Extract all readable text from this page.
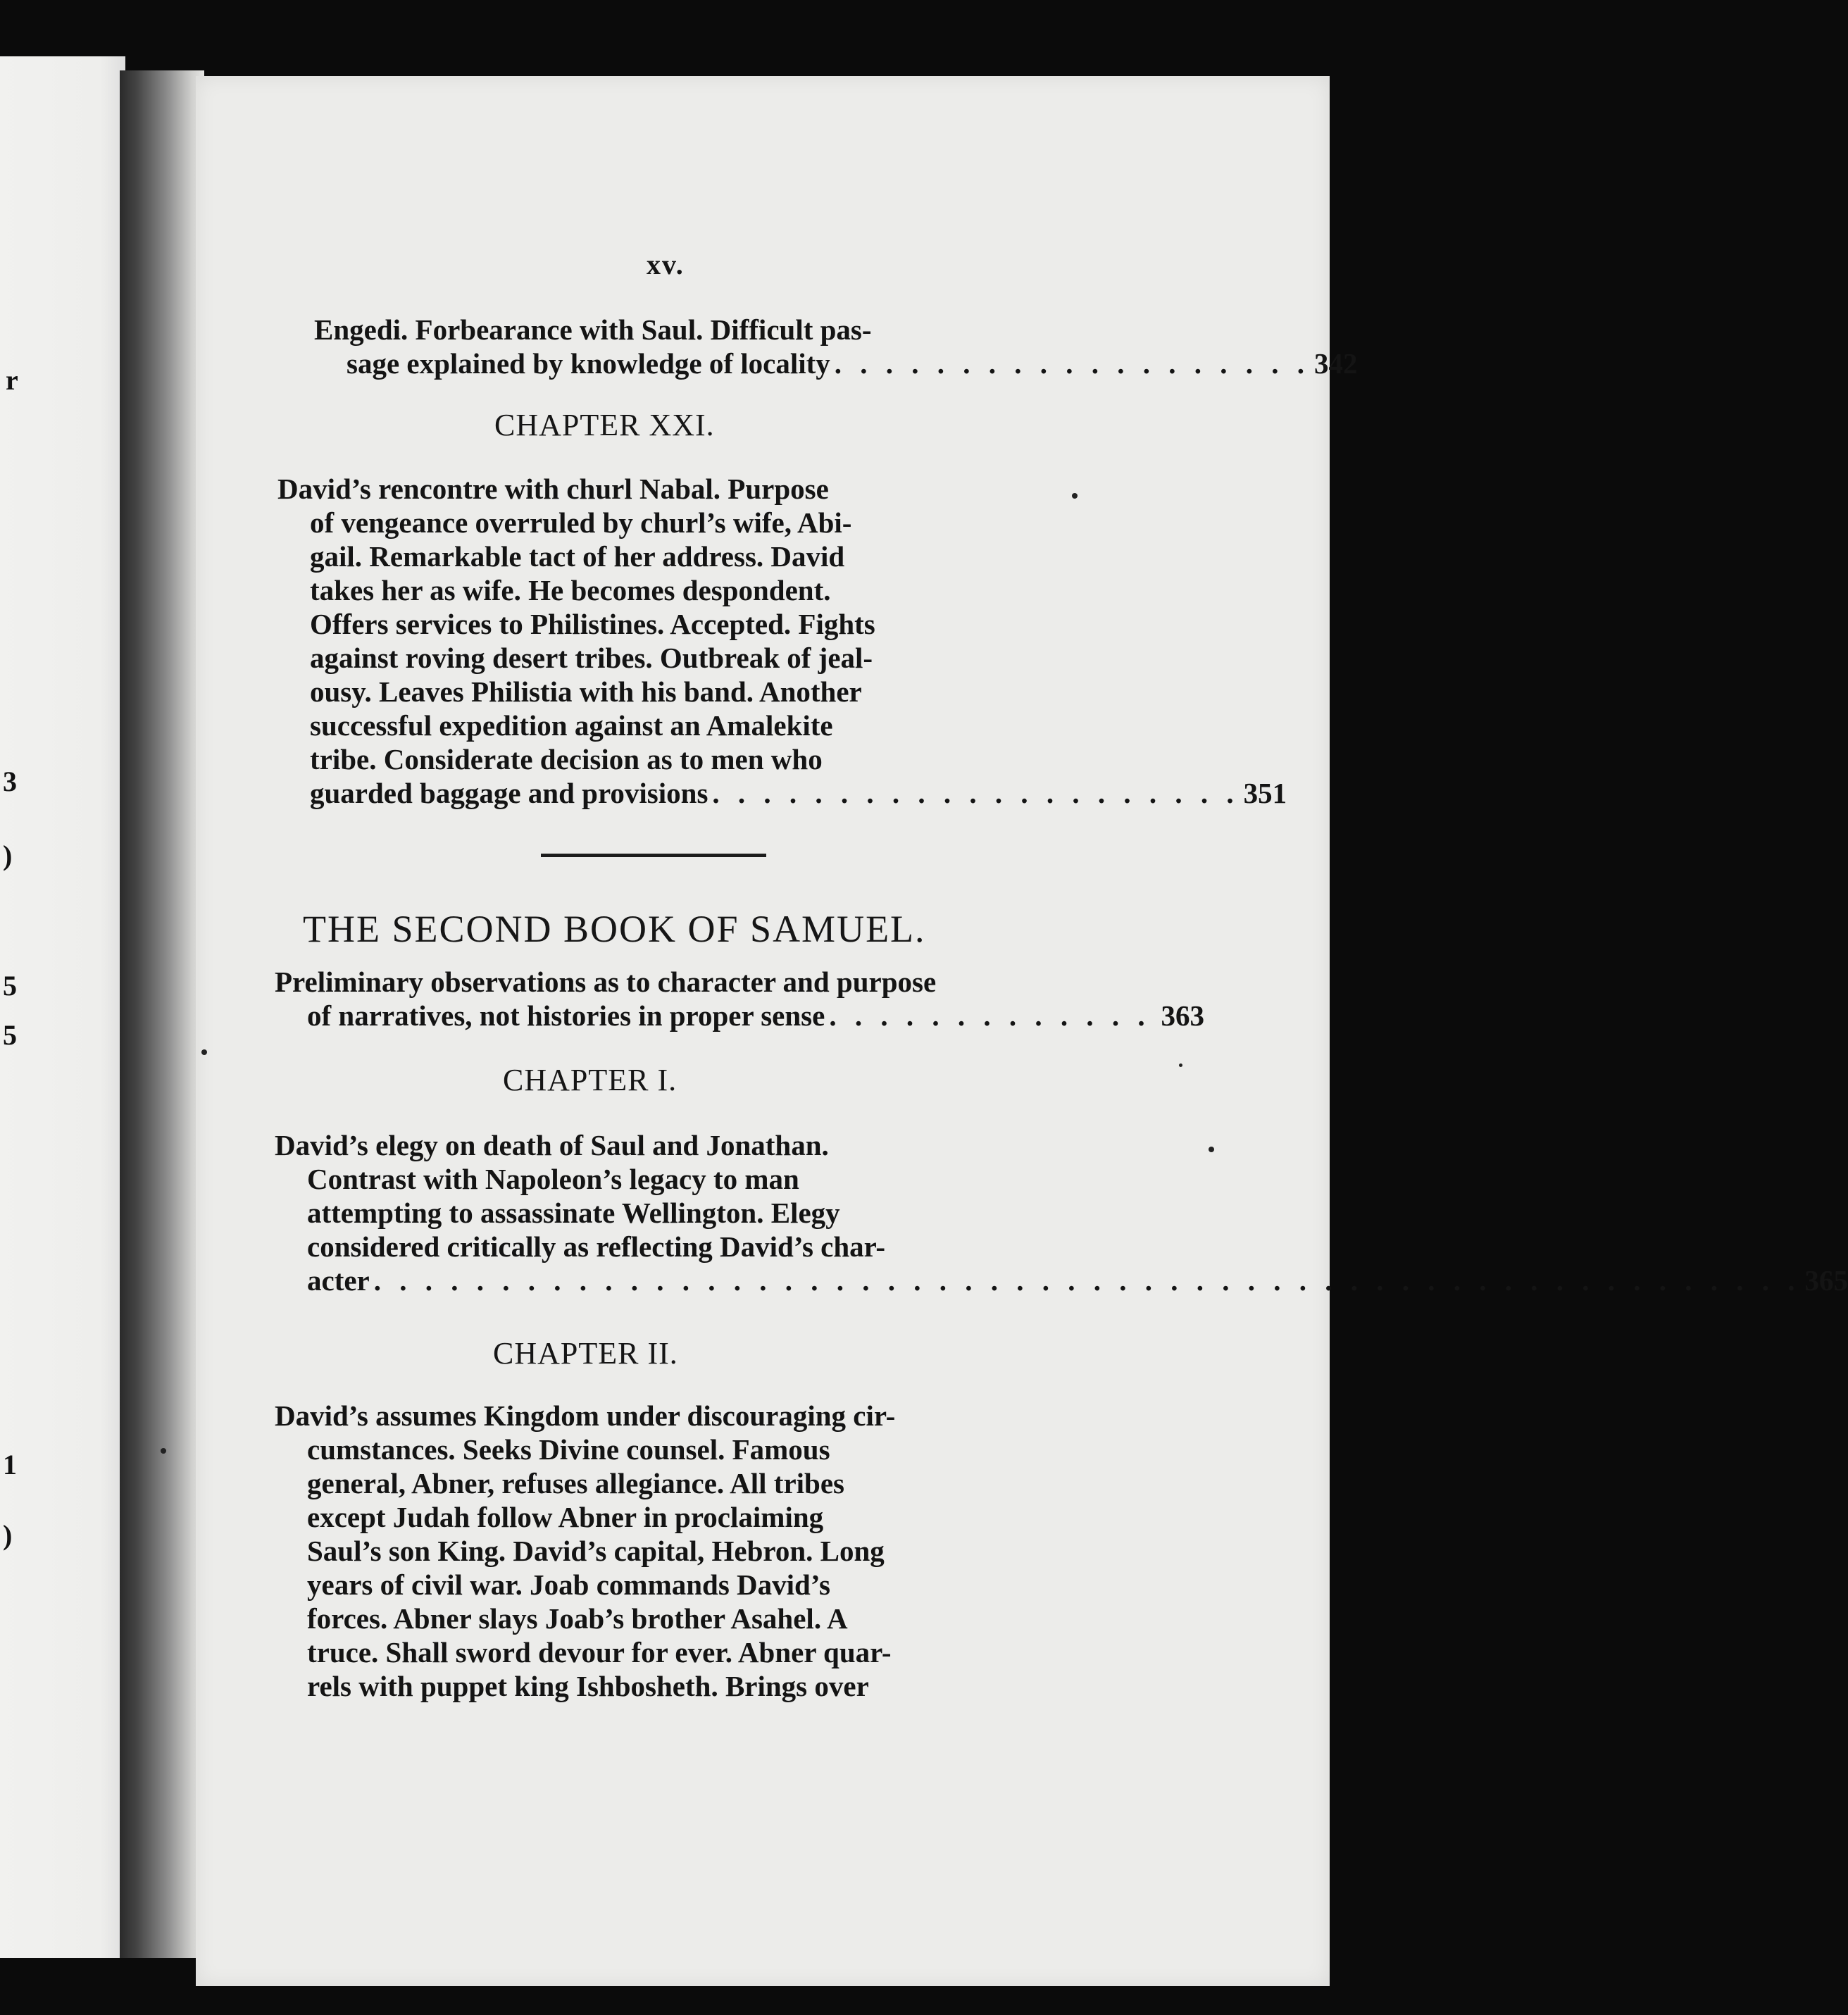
r
3
)
5
5
1
)
xv.
Engedi. Forbearance with Saul. Difficult pas-
sage explained by knowledge of locality . . . . . . . . . . . . . . . . . . . 342
CHAPTER XXI.
David’s rencontre with churl Nabal. Purpose
of vengeance overruled by churl’s wife, Abi-
gail. Remarkable tact of her address. David
takes her as wife. He becomes despondent.
Offers services to Philistines. Accepted. Fights
against roving desert tribes. Outbreak of jeal-
ousy. Leaves Philistia with his band. Another
successful expedition against an Amalekite
tribe. Considerate decision as to men who
guarded baggage and provisions . . . . . . . . . . . . . . . . . . . . . 351
THE SECOND BOOK OF SAMUEL.
Preliminary observations as to character and purpose
of narratives, not histories in proper sense . . . . . . . . . . . . . 363
CHAPTER I.
David’s elegy on death of Saul and Jonathan.
Contrast with Napoleon’s legacy to man
attempting to assassinate Wellington. Elegy
considered critically as reflecting David’s char-
acter . . . . . . . . . . . . . . . . . . . . . . . . . . . . . . . . . . . . . . . . . . . . . . . . . . . . . . . . 365
CHAPTER II.
David’s assumes Kingdom under discouraging cir-
cumstances. Seeks Divine counsel. Famous
general, Abner, refuses allegiance. All tribes
except Judah follow Abner in proclaiming
Saul’s son King. David’s capital, Hebron. Long
years of civil war. Joab commands David’s
forces. Abner slays Joab’s brother Asahel. A
truce. Shall sword devour for ever. Abner quar-
rels with puppet king Ishbosheth. Brings over
